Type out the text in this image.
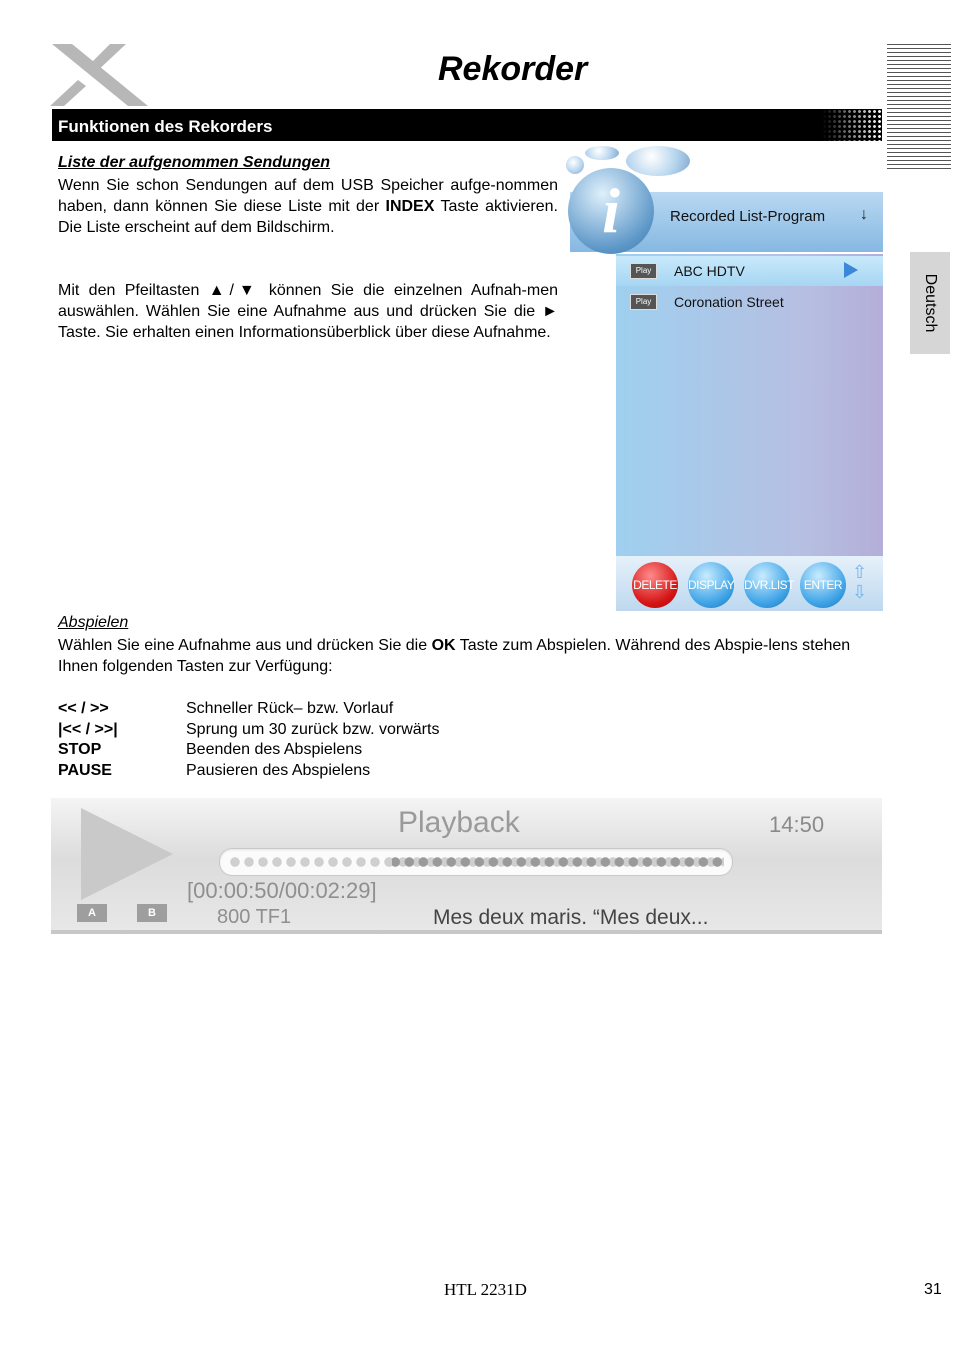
Rekorder
Funktionen des Rekorders
Deutsch
Liste der aufgenommen Sendungen
Wenn Sie schon Sendungen auf dem USB Speicher aufge-nommen haben, dann können Sie diese Liste mit der INDEX Taste aktivieren. Die Liste erscheint auf dem Bildschirm.
Mit den Pfeiltasten ▲/▼ können Sie die einzelnen Aufnah-men auswählen. Wählen Sie eine Aufnahme aus und drücken Sie die ► Taste. Sie erhalten einen Informationsüberblick über diese Aufnahme.
Recorded List-Program ↓
i
Play	ABC HDTV
Play	Coronation Street
DELETE DISPLAY DVR.LIST ENTER
⇧
⇩
Abspielen
Wählen Sie eine Aufnahme aus und drücken Sie die OK Taste zum Abspielen. Während des Abspie-lens stehen Ihnen folgenden Tasten zur Verfügung:
<< / >>	Schneller Rück– bzw. Vorlauf
|<< / >>|	Sprung um 30 zurück bzw. vorwärts
STOP	Beenden des Abspielens
PAUSE	Pausieren des Abspielens
Playback	14:50
[00:00:50/00:02:29]
A	B	800 TF1	Mes deux maris. “Mes deux...
HTL 2231D	31
